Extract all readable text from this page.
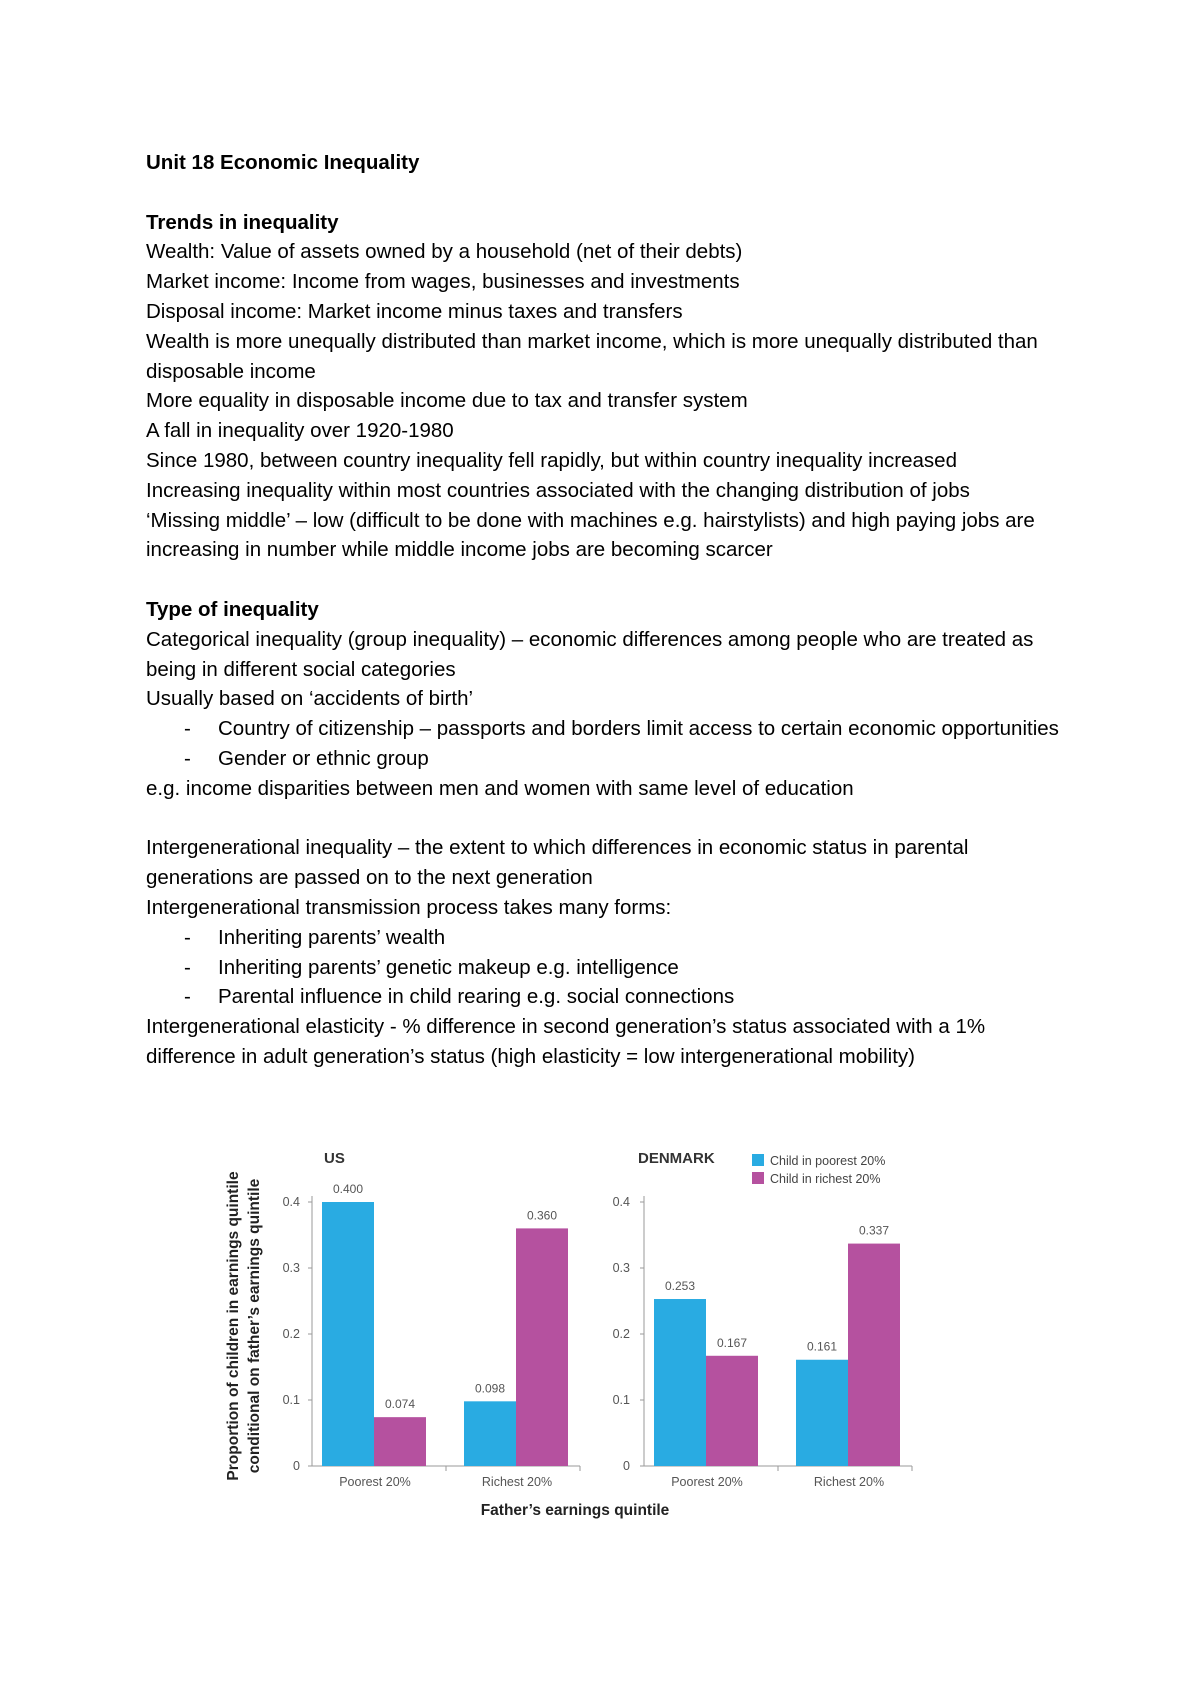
Unit 18 Economic Inequality

Trends in inequality

Wealth: Value of assets owned by a household (net of their debts)

Market income: Income from wages, businesses and investments

Disposal income: Market income minus taxes and transfers

Wealth is more unequally distributed than market income, which is more unequally distributed than disposable income

More equality in disposable income due to tax and transfer system

A fall in inequality over 1920-1980

Since 1980, between country inequality fell rapidly, but within country inequality increased

Increasing inequality within most countries associated with the changing distribution of jobs

‘Missing middle’ – low (difficult to be done with machines e.g. hairstylists) and high paying jobs are increasing in number while middle income jobs are becoming scarcer

Type of inequality

Categorical inequality (group inequality) – economic differences among people who are treated as being in different social categories

Usually based on ‘accidents of birth’

- Country of citizenship – passports and borders limit access to certain economic opportunities
- Gender or ethnic group

e.g. income disparities between men and women with same level of education

Intergenerational inequality – the extent to which differences in economic status in parental generations are passed on to the next generation

Intergenerational transmission process takes many forms:

- Inheriting parents’ wealth
- Inheriting parents’ genetic makeup e.g. intelligence
- Parental influence in child rearing e.g. social connections

Intergenerational elasticity - % difference in second generation’s status associated with a 1% difference in adult generation’s status (high elasticity = low intergenerational mobility)

Proportion of children in earnings quintile conditional on father’s earnings quintile
Father’s earnings quintile
US
0
0.1
0.2
0.3
0.4
0.400
0.074
Poorest 20%
0.098
0.360
Richest 20%
DENMARK
0
0.1
0.2
0.3
0.4
0.253
0.167
Poorest 20%
0.161
0.337
Richest 20%
Child in poorest 20%
Child in richest 20%
